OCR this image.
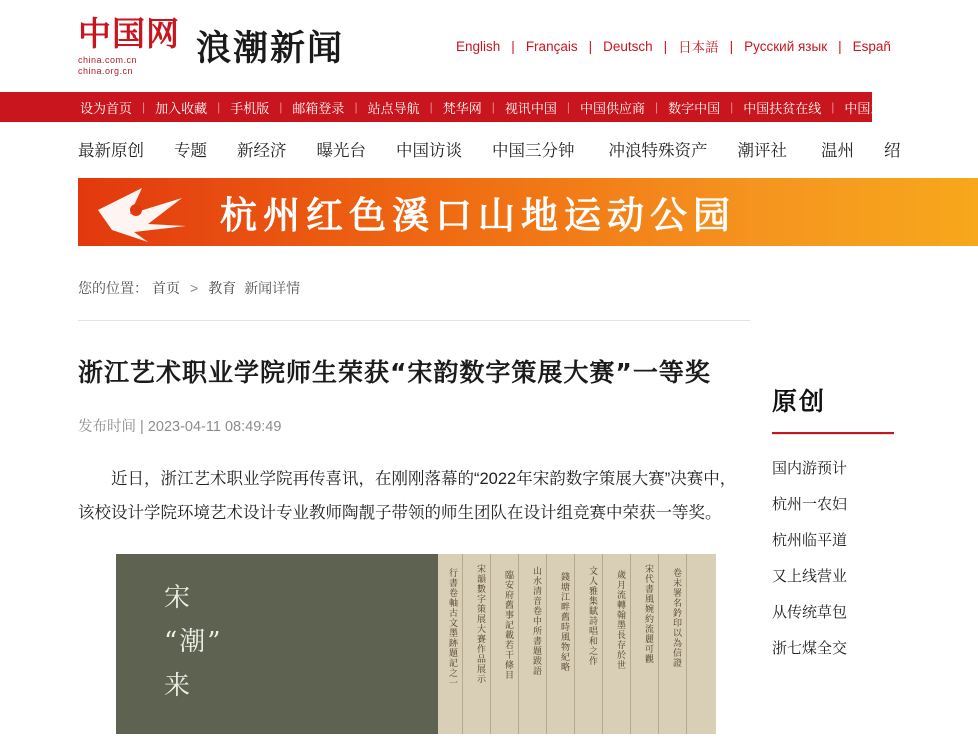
中国网
china.com.cn
china.org.cn
浪潮新闻	English | Français | Deutsch | 日本語 | Русский язык | Españ
设为首页 | 加入收藏 | 手机版 | 邮箱登录 | 站点导航 | 梵华网 | 视讯中国 | 中国供应商 | 数字中国 | 中国扶贫在线 | 中国发展门户
最新原创 专题 新经济 曝光台 中国访谈 中国三分钟 冲浪特殊资产 潮评社 温州 绍
杭州红色溪口山地运动公园
您的位置： 首页 > 教育 新闻详情
浙江艺术职业学院师生荣获“宋韵数字策展大赛”一等奖
发布时间 | 2023-04-11 08:49:49

近日，浙江艺术职业学院再传喜讯，在刚刚落幕的“2022年宋韵数字策展大赛”决赛中，该校设计学院环境艺术设计专业教师陶靓子带领的师生团队在设计组竞赛中荣获一等奖。

宋
“潮”
来	行書卷軸古文墨跡題記之一 宋韻數字策展大賽作品展示 臨安府舊事記載若干條目 山水清音卷中所書題跋語 錢塘江畔舊時風物紀略 文人雅集賦詩唱和之作 歲月流轉翰墨長存於世 宋代書風婉約流麗可觀 卷末署名鈐印以為信證
原创
国内游预计
杭州一农妇
杭州临平道
又上线营业
从传统草包
浙七煤全交
